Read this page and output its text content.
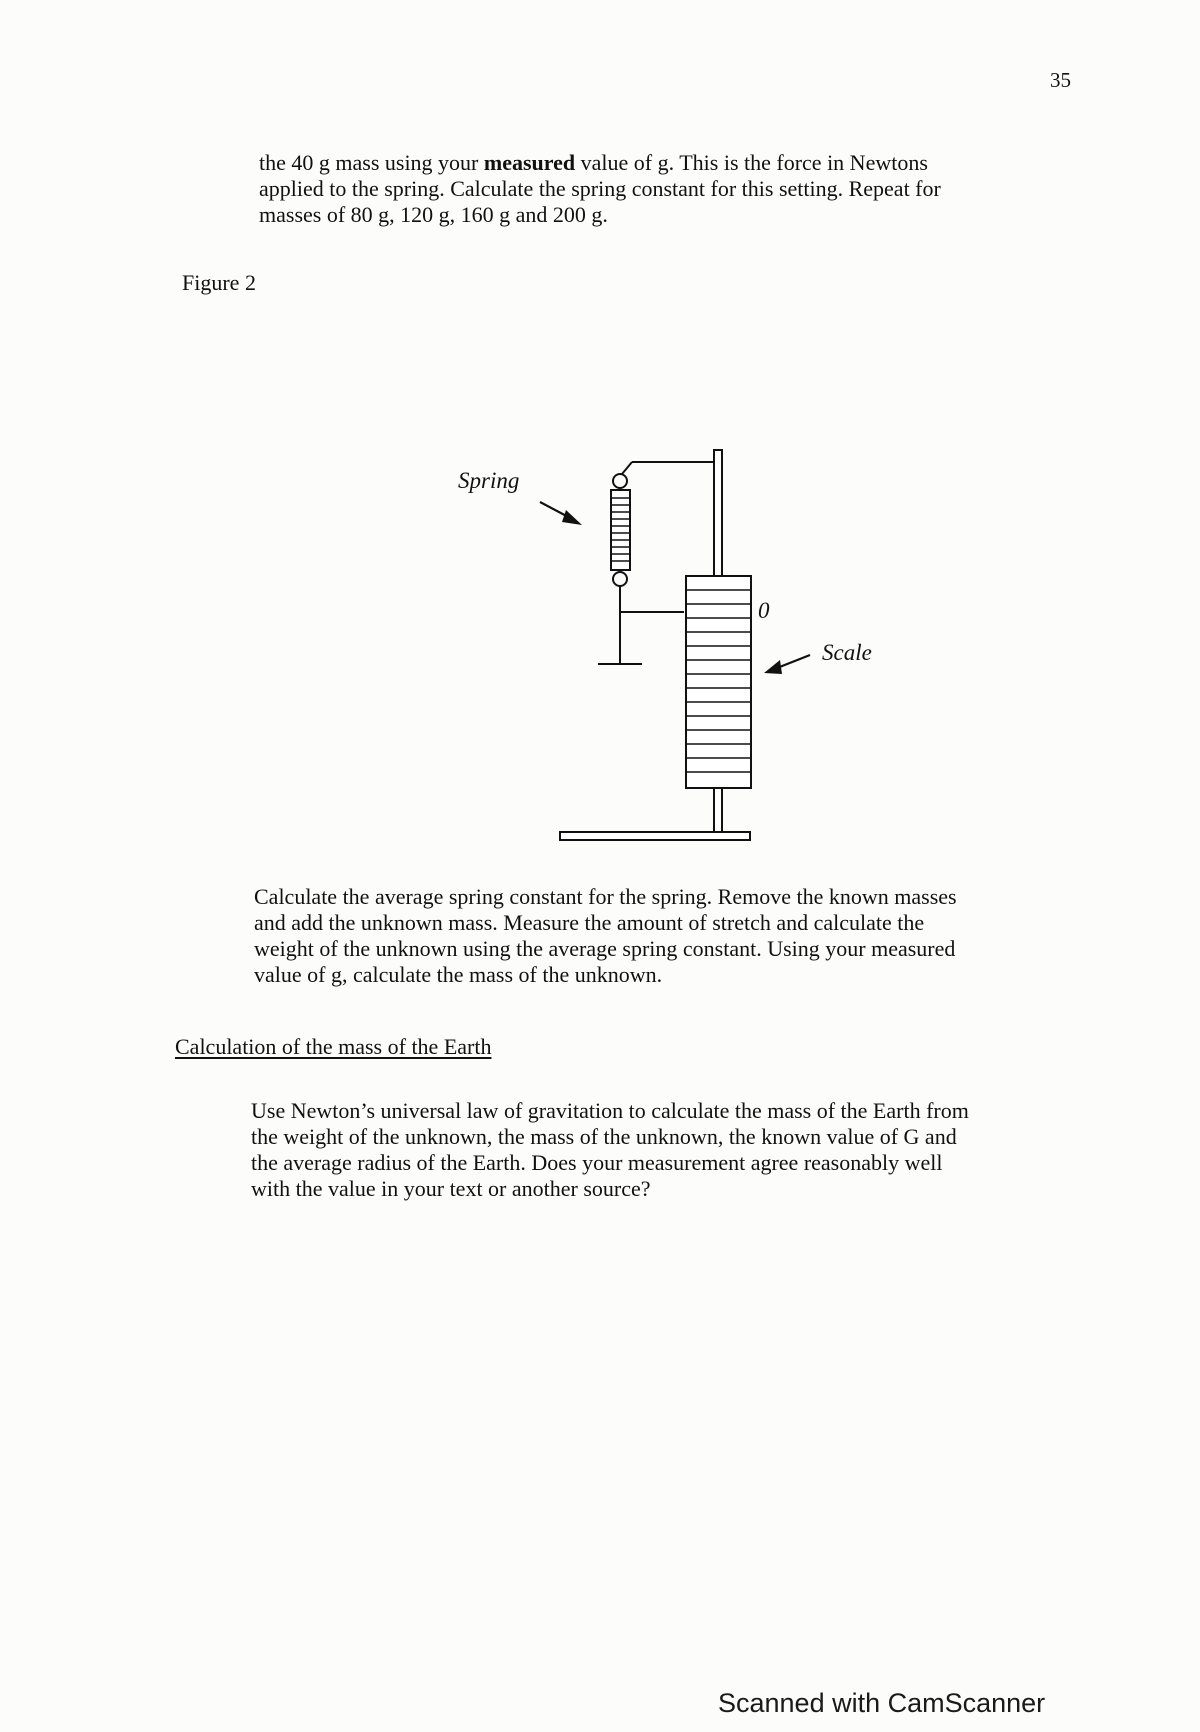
35

the 40 g mass using your measured value of g. This is the force in Newtons
applied to the spring. Calculate the spring constant for this setting. Repeat for
masses of 80 g, 120 g, 160 g and 200 g.

Figure 2
Spring
0
Scale

Calculate the average spring constant for the spring. Remove the known masses
and add the unknown mass. Measure the amount of stretch and calculate the
weight of the unknown using the average spring constant. Using your measured
value of g, calculate the mass of the unknown.

Calculation of the mass of the Earth

Use Newton’s universal law of gravitation to calculate the mass of the Earth from
the weight of the unknown, the mass of the unknown, the known value of G and
the average radius of the Earth. Does your measurement agree reasonably well
with the value in your text or another source?

Scanned with CamScanner
